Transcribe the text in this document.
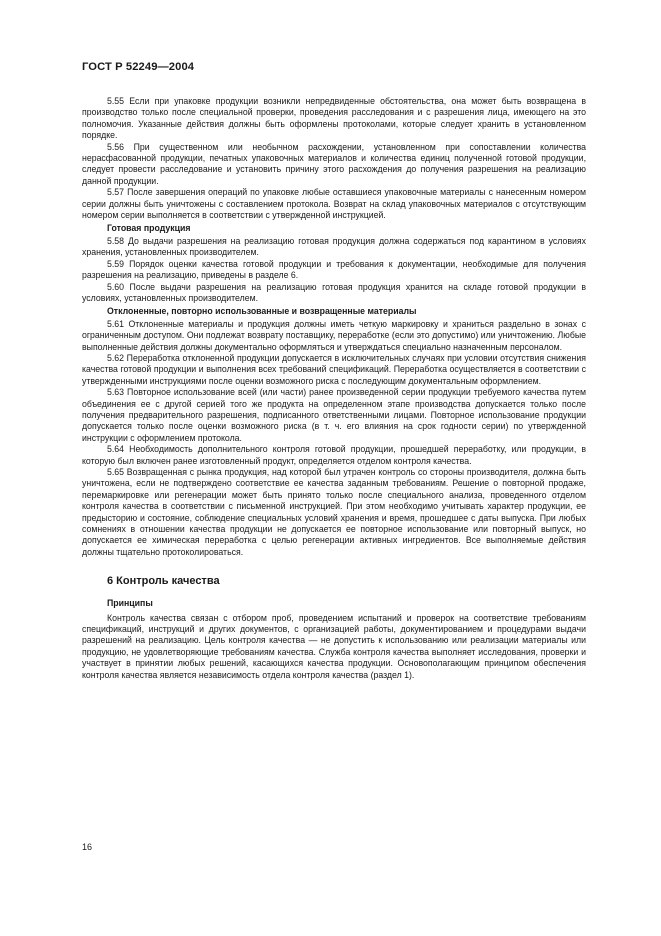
ГОСТ Р 52249—2004

5.55 Если при упаковке продукции возникли непредвиденные обстоятельства, она может быть возвращена в производство только после специальной проверки, проведения расследования и с разрешения лица, имеющего на это полномочия. Указанные действия должны быть оформлены протоколами, которые следует хранить в установленном порядке.

5.56 При существенном или необычном расхождении, установленном при сопоставлении количества нерасфасованной продукции, печатных упаковочных материалов и количества единиц полученной готовой продукции, следует провести расследование и установить причину этого расхождения до получения разрешения на реализацию данной продукции.

5.57 После завершения операций по упаковке любые оставшиеся упаковочные материалы с нанесенным номером серии должны быть уничтожены с составлением протокола. Возврат на склад упаковочных материалов с отсутствующим номером серии выполняется в соответствии с утвержденной инструкцией.

Готовая продукция

5.58 До выдачи разрешения на реализацию готовая продукция должна содержаться под карантином в условиях хранения, установленных производителем.

5.59 Порядок оценки качества готовой продукции и требования к документации, необходимые для получения разрешения на реализацию, приведены в разделе 6.

5.60 После выдачи разрешения на реализацию готовая продукция хранится на складе готовой продукции в условиях, установленных производителем.

Отклоненные, повторно использованные и возвращенные материалы

5.61 Отклоненные материалы и продукция должны иметь четкую маркировку и храниться раздельно в зонах с ограниченным доступом. Они подлежат возврату поставщику, переработке (если это допустимо) или уничтожению. Любые выполненные действия должны документально оформляться и утверждаться специально назначенным персоналом.

5.62 Переработка отклоненной продукции допускается в исключительных случаях при условии отсутствия снижения качества готовой продукции и выполнения всех требований спецификаций. Переработка осуществляется в соответствии с утвержденными инструкциями после оценки возможного риска с последующим документальным оформлением.

5.63 Повторное использование всей (или части) ранее произведенной серии продукции требуемого качества путем объединения ее с другой серией того же продукта на определенном этапе производства допускается только после получения предварительного разрешения, подписанного ответственными лицами. Повторное использование продукции допускается только после оценки возможного риска (в т. ч. его влияния на срок годности серии) по утвержденной инструкции с оформлением протокола.

5.64 Необходимость дополнительного контроля готовой продукции, прошедшей переработку, или продукции, в которую был включен ранее изготовленный продукт, определяется отделом контроля качества.

5.65 Возвращенная с рынка продукция, над которой был утрачен контроль со стороны производителя, должна быть уничтожена, если не подтверждено соответствие ее качества заданным требованиям. Решение о повторной продаже, перемаркировке или регенерации может быть принято только после специального анализа, проведенного отделом контроля качества в соответствии с письменной инструкцией. При этом необходимо учитывать характер продукции, ее предысторию и состояние, соблюдение специальных условий хранения и время, прошедшее с даты выпуска. При любых сомнениях в отношении качества продукции не допускается ее повторное использование или повторный выпуск, но допускается ее химическая переработка с целью регенерации активных ингредиентов. Все выполняемые действия должны тщательно протоколироваться.

6 Контроль качества

Принципы

Контроль качества связан с отбором проб, проведением испытаний и проверок на соответствие требованиям спецификаций, инструкций и других документов, с организацией работы, документированием и процедурами выдачи разрешений на реализацию. Цель контроля качества — не допустить к использованию или реализации материалы или продукцию, не удовлетворяющие требованиям качества. Служба контроля качества выполняет исследования, проверки и участвует в принятии любых решений, касающихся качества продукции. Основополагающим принципом обеспечения контроля качества является независимость отдела контроля качества (раздел 1).

16
